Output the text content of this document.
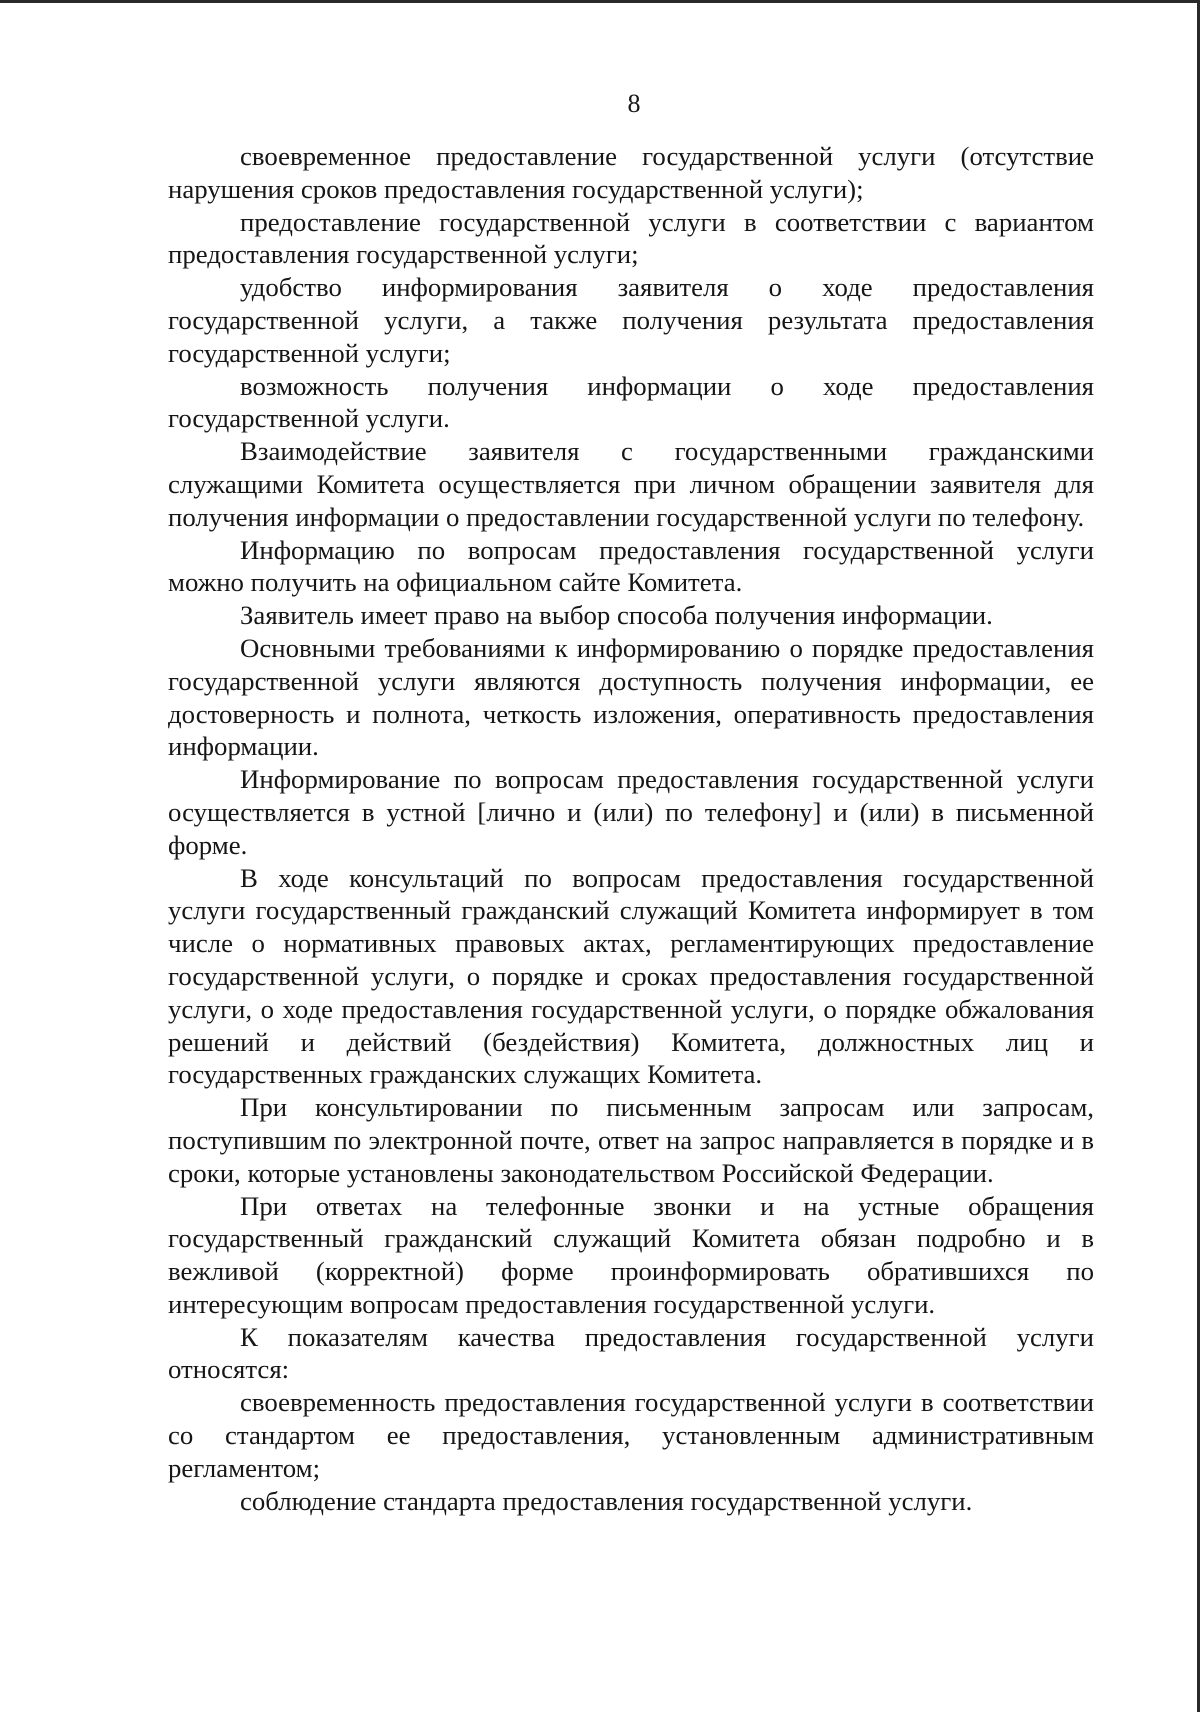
8

своевременное предоставление государственной услуги (отсутствие нарушения сроков предоставления государственной услуги);

предоставление государственной услуги в соответствии с вариантом предоставления государственной услуги;

удобство информирования заявителя о ходе предоставления государственной услуги, а также получения результата предоставления государственной услуги;

возможность получения информации о ходе предоставления государственной услуги.

Взаимодействие заявителя с государственными гражданскими служащими Комитета осуществляется при личном обращении заявителя для получения информации о предоставлении государственной услуги по телефону.

Информацию по вопросам предоставления государственной услуги можно получить на официальном сайте Комитета.

Заявитель имеет право на выбор способа получения информации.

Основными требованиями к информированию о порядке предоставления государственной услуги являются доступность получения информации, ее достоверность и полнота, четкость изложения, оперативность предоставления информации.

Информирование по вопросам предоставления государственной услуги осуществляется в устной [лично и (или) по телефону] и (или) в письменной форме.

В ходе консультаций по вопросам предоставления государственной услуги государственный гражданский служащий Комитета информирует в том числе о нормативных правовых актах, регламентирующих предоставление государственной услуги, о порядке и сроках предоставления государственной услуги, о ходе предоставления государственной услуги, о порядке обжалования решений и действий (бездействия) Комитета, должностных лиц и государственных гражданских служащих Комитета.

При консультировании по письменным запросам или запросам, поступившим по электронной почте, ответ на запрос направляется в порядке и в сроки, которые установлены законодательством Российской Федерации.

При ответах на телефонные звонки и на устные обращения государственный гражданский служащий Комитета обязан подробно и в вежливой (корректной) форме проинформировать обратившихся по интересующим вопросам предоставления государственной услуги.

К показателям качества предоставления государственной услуги относятся:

своевременность предоставления государственной услуги в соответствии со стандартом ее предоставления, установленным административным регламентом;

соблюдение стандарта предоставления государственной услуги.
